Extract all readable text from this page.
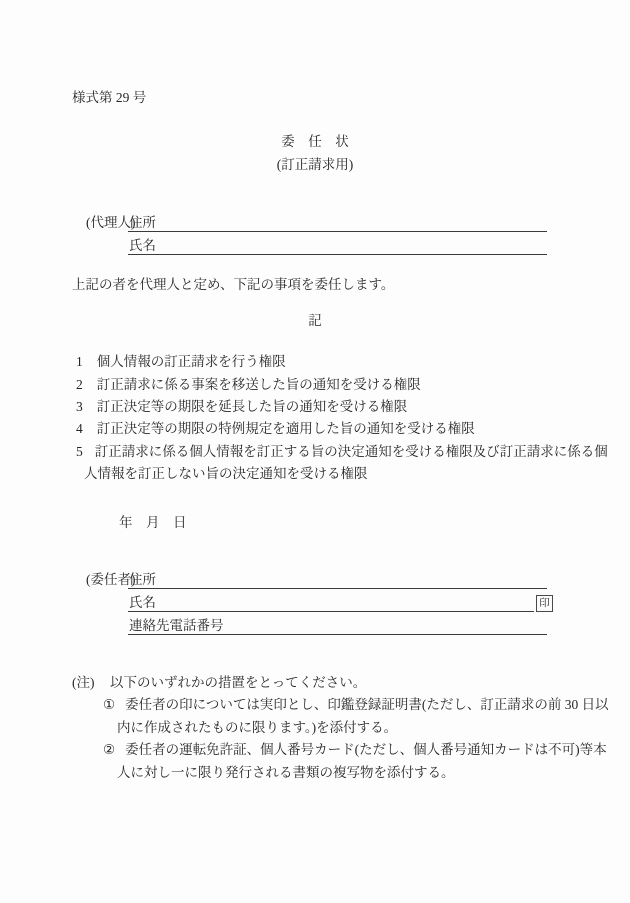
様式第 29 号
委　任　状
(訂正請求用)
(代理人)
住所
氏名
上記の者を代理人と定め、下記の事項を委任します。
記
1 個人情報の訂正請求を行う権限
2 訂正請求に係る事案を移送した旨の通知を受ける権限
3 訂正決定等の期限を延長した旨の通知を受ける権限
4 訂正決定等の期限の特例規定を適用した旨の通知を受ける権限
5 訂正請求に係る個人情報を訂正する旨の決定通知を受ける権限及び訂正請求に係る個
人情報を訂正しない旨の決定通知を受ける権限
年　月　日
(委任者)
住所
氏名	印
連絡先電話番号
(注) 以下のいずれかの措置をとってください。
① 委任者の印については実印とし、印鑑登録証明書(ただし、訂正請求の前 30 日以
内に作成されたものに限ります。)を添付する。
② 委任者の運転免許証、個人番号カード(ただし、個人番号通知カードは不可)等本
人に対し一に限り発行される書類の複写物を添付する。
